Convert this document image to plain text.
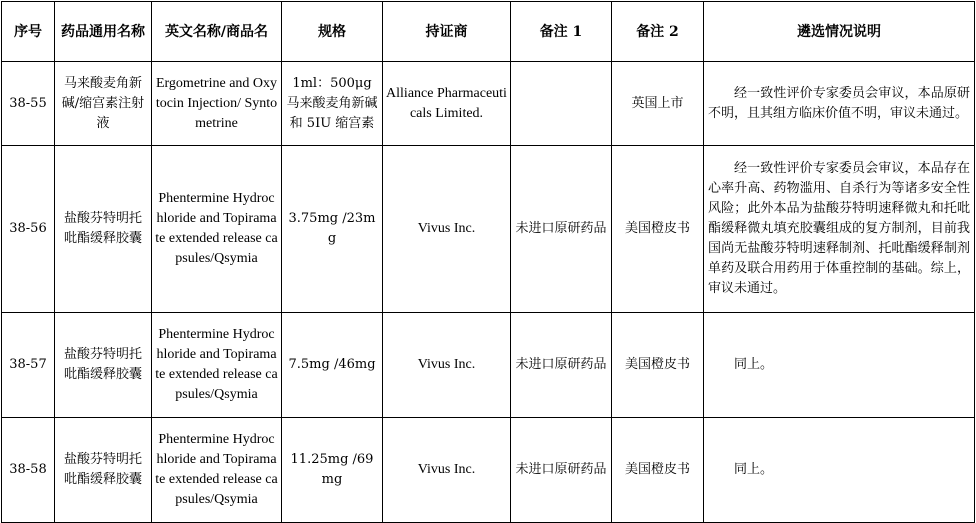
序号	药品通用名称	英文名称/商品名	规格	持证商	备注 1	备注 2	遴选情况说明
38-55	马来酸麦角新碱/缩宫素注射液	Ergometrine and Oxytocin Injection/ Syntometrine	1ml：500μg 马来酸麦角新碱和 5IU 缩宫素	Alliance Pharmaceuticals Limited.		英国上市	经一致性评价专家委员会审议，本品原研不明，且其组方临床价值不明，审议未通过。

38-56	盐酸芬特明托吡酯缓释胶囊	Phentermine Hydrochloride and Topiramate extended release capsules/Qsymia	3.75mg /23mg	Vivus Inc.	未进口原研药品	美国橙皮书	经一致性评价专家委员会审议，本品存在心率升高、药物滥用、自杀行为等诸多安全性风险；此外本品为盐酸芬特明速释微丸和托吡酯缓释微丸填充胶囊组成的复方制剂，目前我国尚无盐酸芬特明速释制剂、托吡酯缓释制剂单药及联合用药用于体重控制的基础。综上，审议未通过。

38-57	盐酸芬特明托吡酯缓释胶囊	Phentermine Hydrochloride and Topiramate extended release capsules/Qsymia	7.5mg /46mg	Vivus Inc.	未进口原研药品	美国橙皮书	同上。

38-58	盐酸芬特明托吡酯缓释胶囊	Phentermine Hydrochloride and Topiramate extended release capsules/Qsymia	11.25mg /69mg	Vivus Inc.	未进口原研药品	美国橙皮书	同上。
